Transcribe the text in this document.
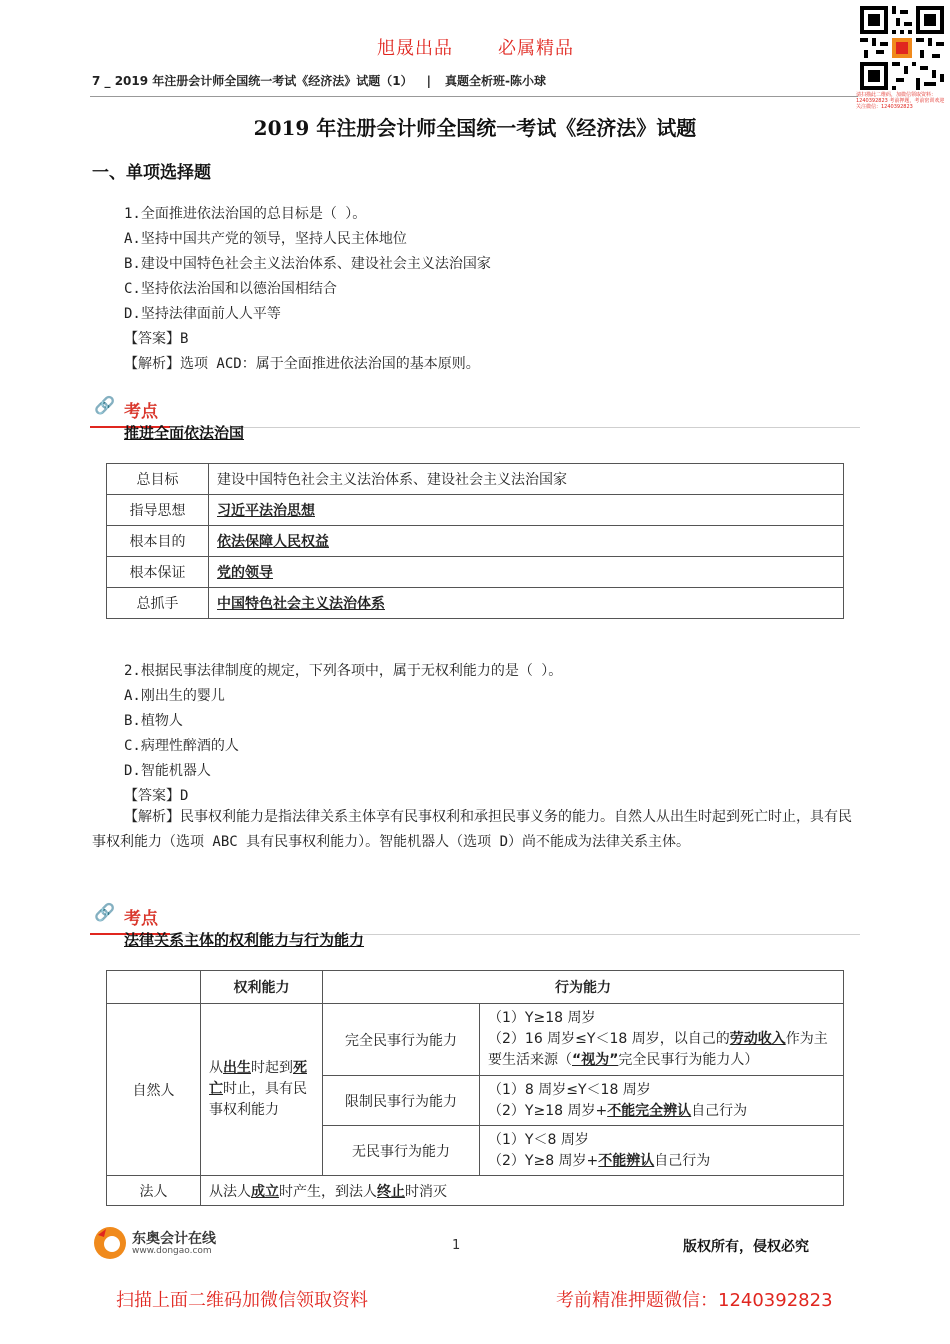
旭晟出品	必属精品
请扫描此二维码，加微信领取资料：1240392823 考前押题，考前密训欢迎关注微信：1240392823
7 _ 2019 年注册会计师全国统一考试《经济法》试题（1） | 真题全析班-陈小球
2019 年注册会计师全国统一考试《经济法》试题
一、单项选择题
1.全面推进依法治国的总目标是（ ）。
A.坚持中国共产党的领导，坚持人民主体地位
B.建设中国特色社会主义法治体系、建设社会主义法治国家
C.坚持依法治国和以德治国相结合
D.坚持法律面前人人平等
【答案】B
【解析】选项 ACD：属于全面推进依法治国的基本原则。
🔗 考点
推进全面依法治国
总目标	建设中国特色社会主义法治体系、建设社会主义法治国家
指导思想	习近平法治思想
根本目的	依法保障人民权益
根本保证	党的领导
总抓手	中国特色社会主义法治体系
2.根据民事法律制度的规定，下列各项中，属于无权利能力的是（ ）。
A.刚出生的婴儿
B.植物人
C.病理性醉酒的人
D.智能机器人
【答案】D
【解析】民事权利能力是指法律关系主体享有民事权利和承担民事义务的能力。自然人从出生时起到死亡时止，具有民事权利能力（选项 ABC 具有民事权利能力）。智能机器人（选项 D）尚不能成为法律关系主体。
🔗 考点
法律关系主体的权利能力与行为能力
	权利能力	行为能力	
自然人	从出生时起到死亡时止，具有民事权利能力	完全民事行为能力	（1）Y≥18 周岁
（2）16 周岁≤Y＜18 周岁，以自己的劳动收入作为主要生活来源（“视为”完全民事行为能力人）

		限制民事行为能力	（1）8 周岁≤Y＜18 周岁
（2）Y≥18 周岁+不能完全辨认自己行为

		无民事行为能力	（1）Y＜8 周岁
（2）Y≥8 周岁+不能辨认自己行为

法人	从法人成立时产生，到法人终止时消灭		
东奥会计在线
www.dongao.com	1	版权所有，侵权必究
扫描上面二维码加微信领取资料	考前精准押题微信：1240392823
